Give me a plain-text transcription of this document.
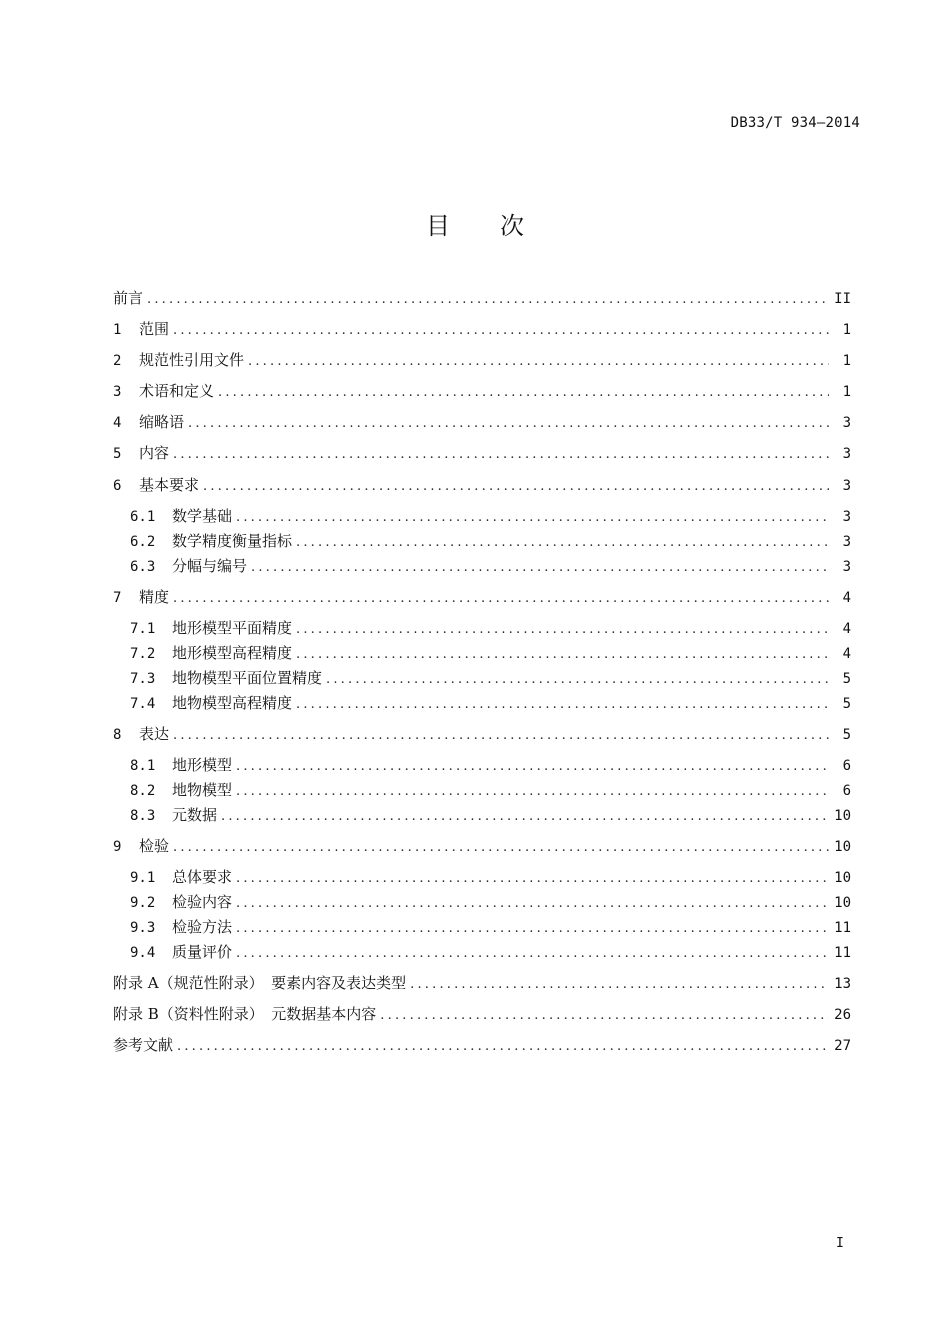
DB33/T 934—2014
目次
前言 .....	II
1	范围 .....	1
2	规范性引用文件 .....	1
3	术语和定义 .....	1
4	缩略语 .....	3
5	内容 .....	3
6	基本要求 .....	3
6.1	数学基础 .....	3
6.2	数学精度衡量指标 .....	3
6.3	分幅与编号 .....	3
7	精度 .....	4
7.1	地形模型平面精度 .....	4
7.2	地形模型高程精度 .....	4
7.3	地物模型平面位置精度 .....	5
7.4	地物模型高程精度 .....	5
8	表达 .....	5
8.1	地形模型 .....	6
8.2	地物模型 .....	6
8.3	元数据 .....	10
9	检验 .....	10
9.1	总体要求 .....	10
9.2	检验内容 .....	10
9.3	检验方法 .....	11
9.4	质量评价 .....	11
附录 A（规范性附录）　要素内容及表达类型 .....	13
附录 B（资料性附录）　元数据基本内容 .....	26
参考文献 .....	27
I
